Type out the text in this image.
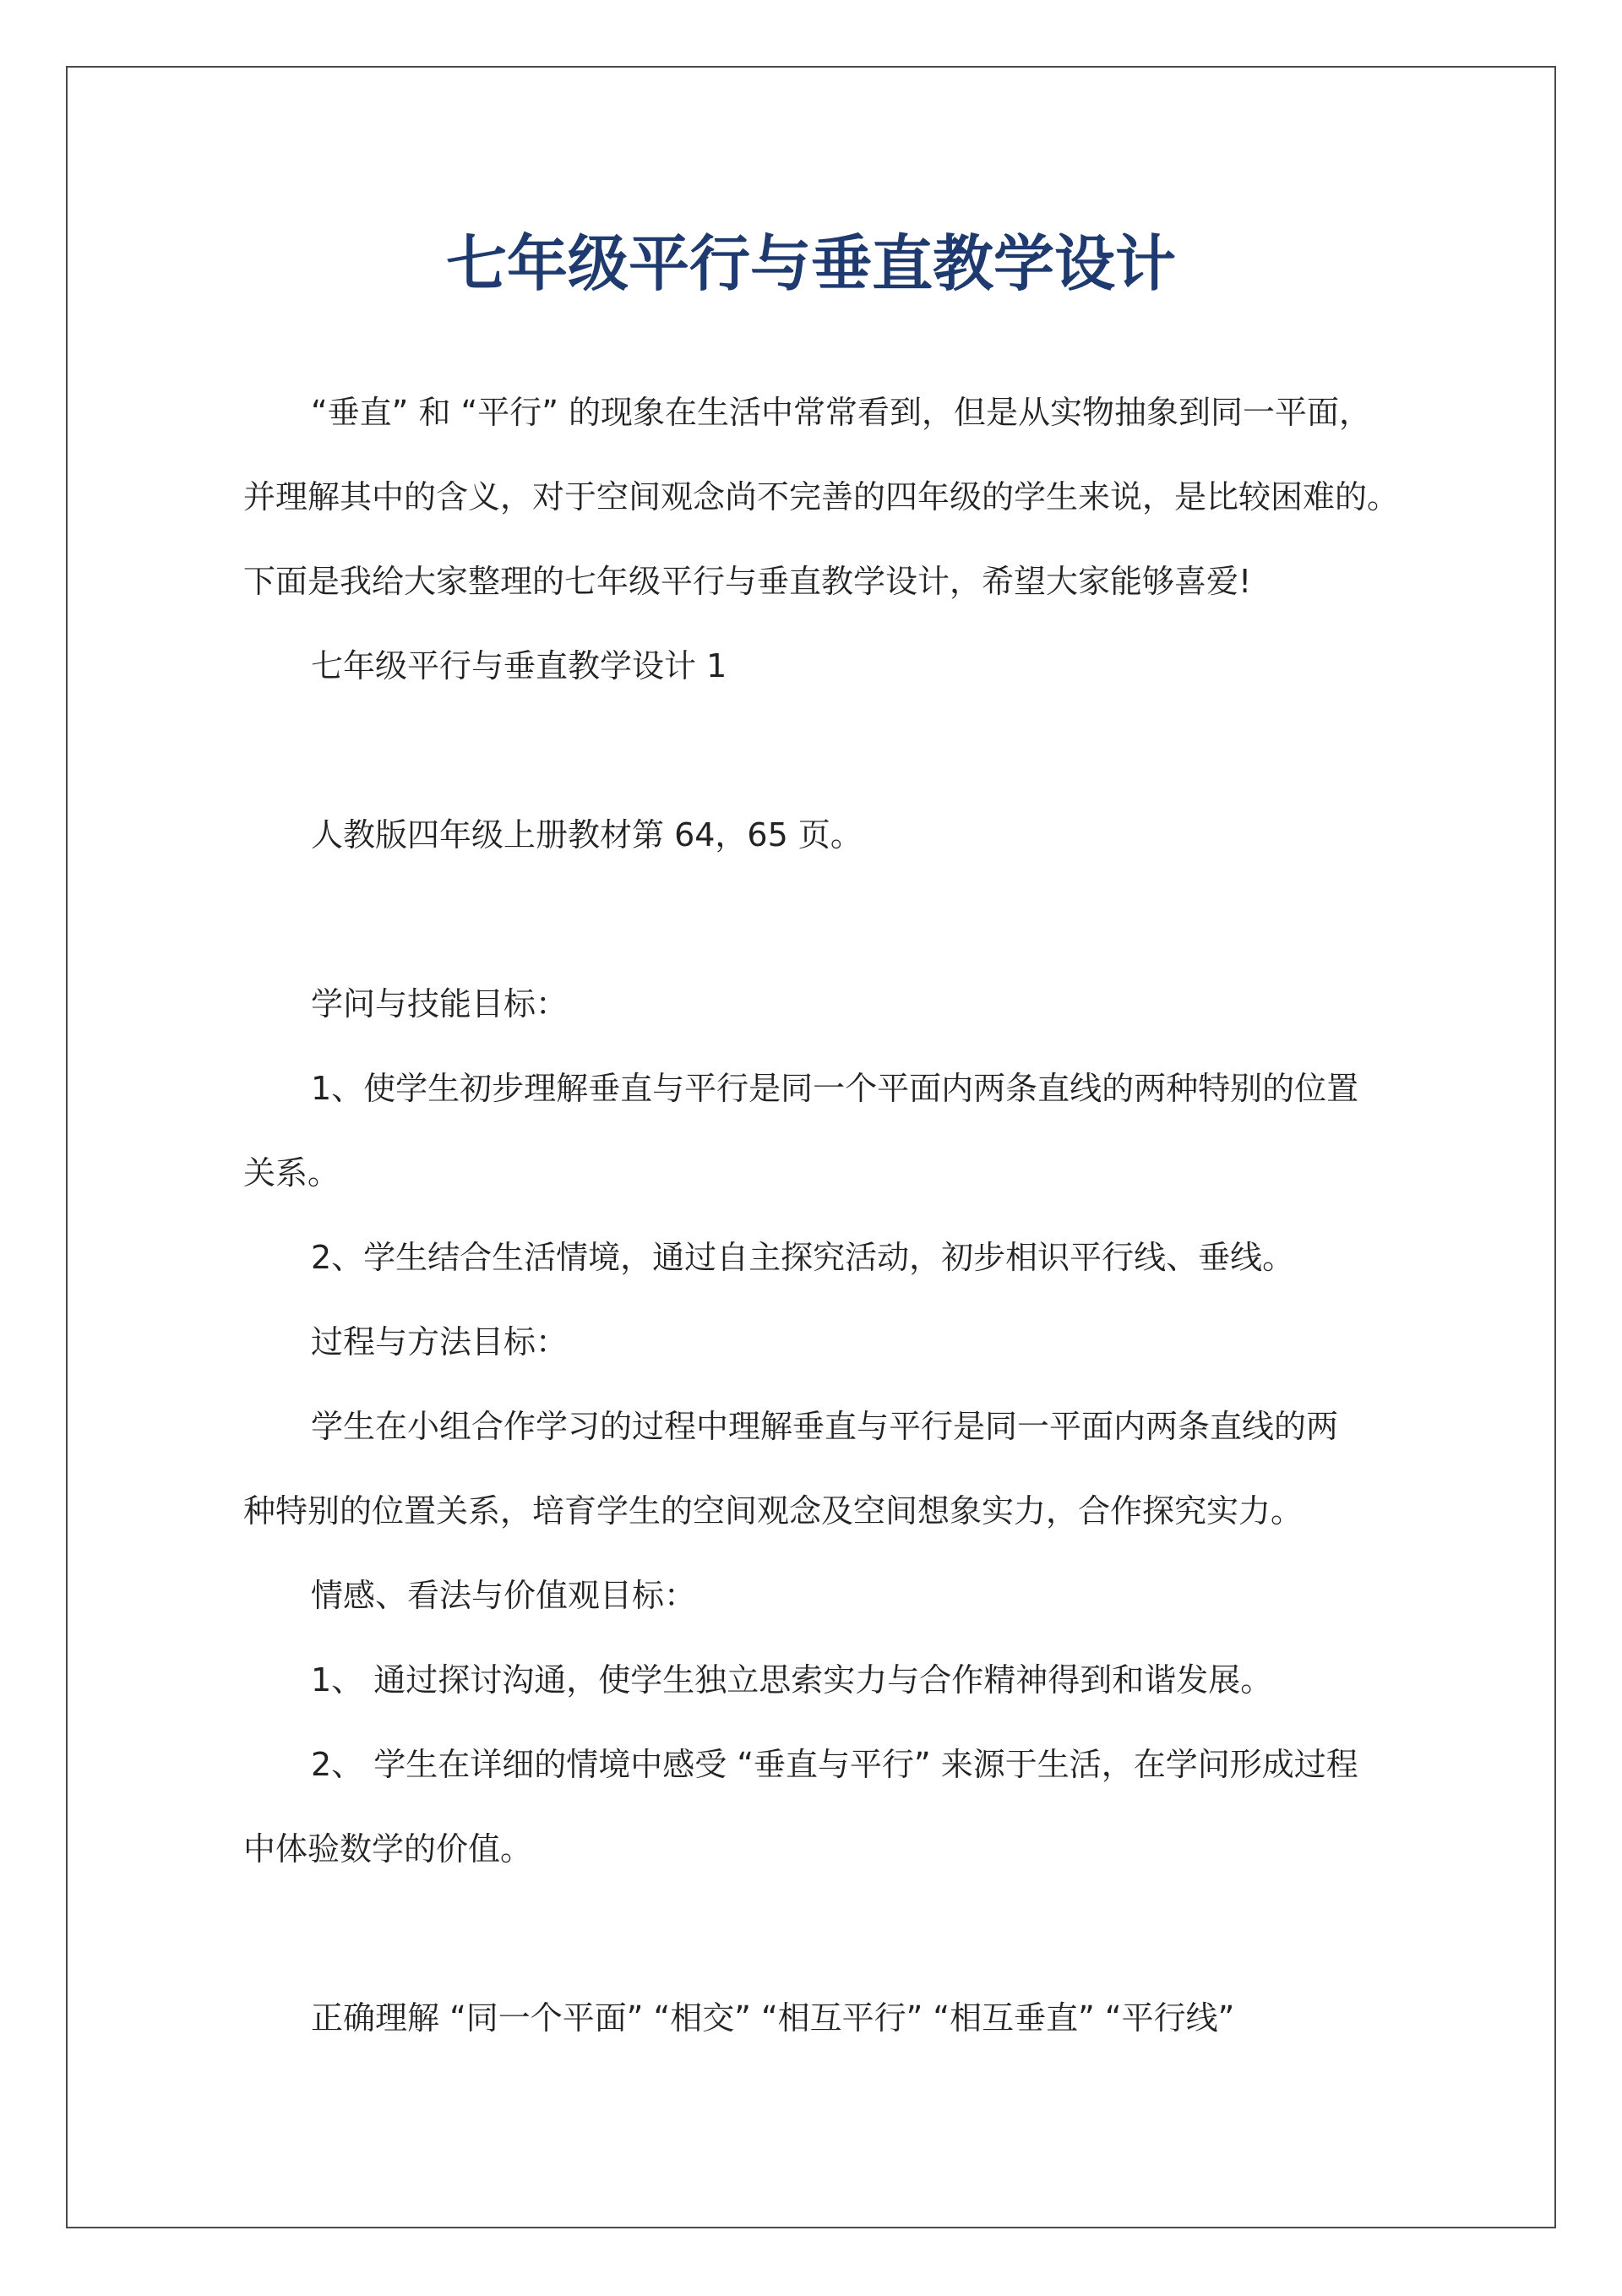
七年级平行与垂直教学设计
“垂直” 和 “平行” 的现象在生活中常常看到，但是从实物抽象到同一平面，
并理解其中的含义，对于空间观念尚不完善的四年级的学生来说，是比较困难的。
下面是我给大家整理的七年级平行与垂直教学设计，希望大家能够喜爱!
七年级平行与垂直教学设计 1
人教版四年级上册教材第 64，65 页。
学问与技能目标：
1、使学生初步理解垂直与平行是同一个平面内两条直线的两种特别的位置
关系。
2、学生结合生活情境，通过自主探究活动，初步相识平行线、垂线。
过程与方法目标：
学生在小组合作学习的过程中理解垂直与平行是同一平面内两条直线的两
种特别的位置关系，培育学生的空间观念及空间想象实力，合作探究实力。
情感、看法与价值观目标：
1、 通过探讨沟通，使学生独立思索实力与合作精神得到和谐发展。
2、 学生在详细的情境中感受 “垂直与平行” 来源于生活，在学问形成过程
中体验数学的价值。
正确理解 “同一个平面” “相交” “相互平行” “相互垂直” “平行线”
